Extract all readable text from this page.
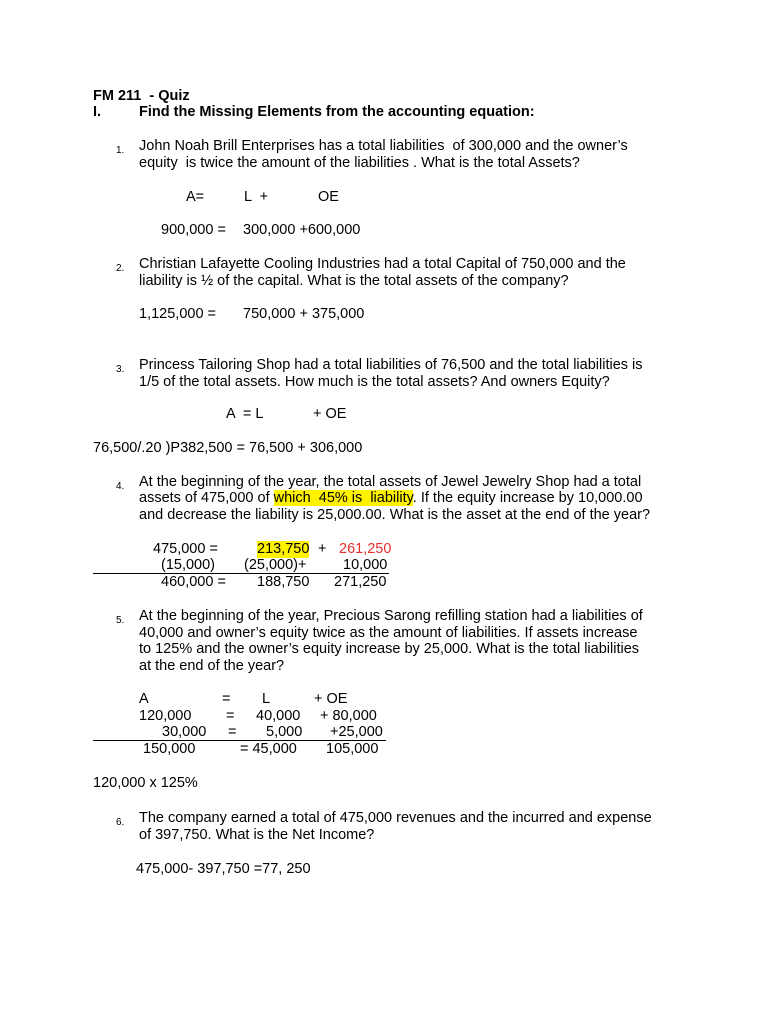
FM 211  - Quiz
I.	Find the Missing Elements from the accounting equation:
1. John Noah Brill Enterprises has a total liabilities  of 300,000 and the owner’s
equity  is twice the amount of the liabilities . What is the total Assets?
A=	L  +	OE
900,000 = 300,000 +600,000
2. Christian Lafayette Cooling Industries had a total Capital of 750,000 and the
liability is ½ of the capital. What is the total assets of the company?
1,125,000 = 750,000 + 375,000
3. Princess Tailoring Shop had a total liabilities of 76,500 and the total liabilities is
1/5 of the total assets. How much is the total assets? And owners Equity?
A  = L	+ OE
76,500/.20 )P382,500 = 76,500 + 306,000
4. At the beginning of the year, the total assets of Jewel Jewelry Shop had a total
assets of 475,000 of which  45% is  liability. If the equity increase by 10,000.00
and decrease the liability is 25,000.00. What is the asset at the end of the year?
475,000 =	213,750 + 261,250
(15,000) (25,000)+	10,000
460,000 = 188,750 271,250
5. At the beginning of the year, Precious Sarong refilling station had a liabilities of
40,000 and owner’s equity twice as the amount of liabilities. If assets increase
to 125% and the owner’s equity increase by 25,000. What is the total liabilities
at the end of the year?
A	= L	+ OE
120,000 = 40,000 + 80,000
30,000 = 5,000 +25,000
150,000	= 45,000 105,000
120,000 x 125%
6. The company earned a total of 475,000 revenues and the incurred and expense
of 397,750. What is the Net Income?
475,000- 397,750 =77, 250
